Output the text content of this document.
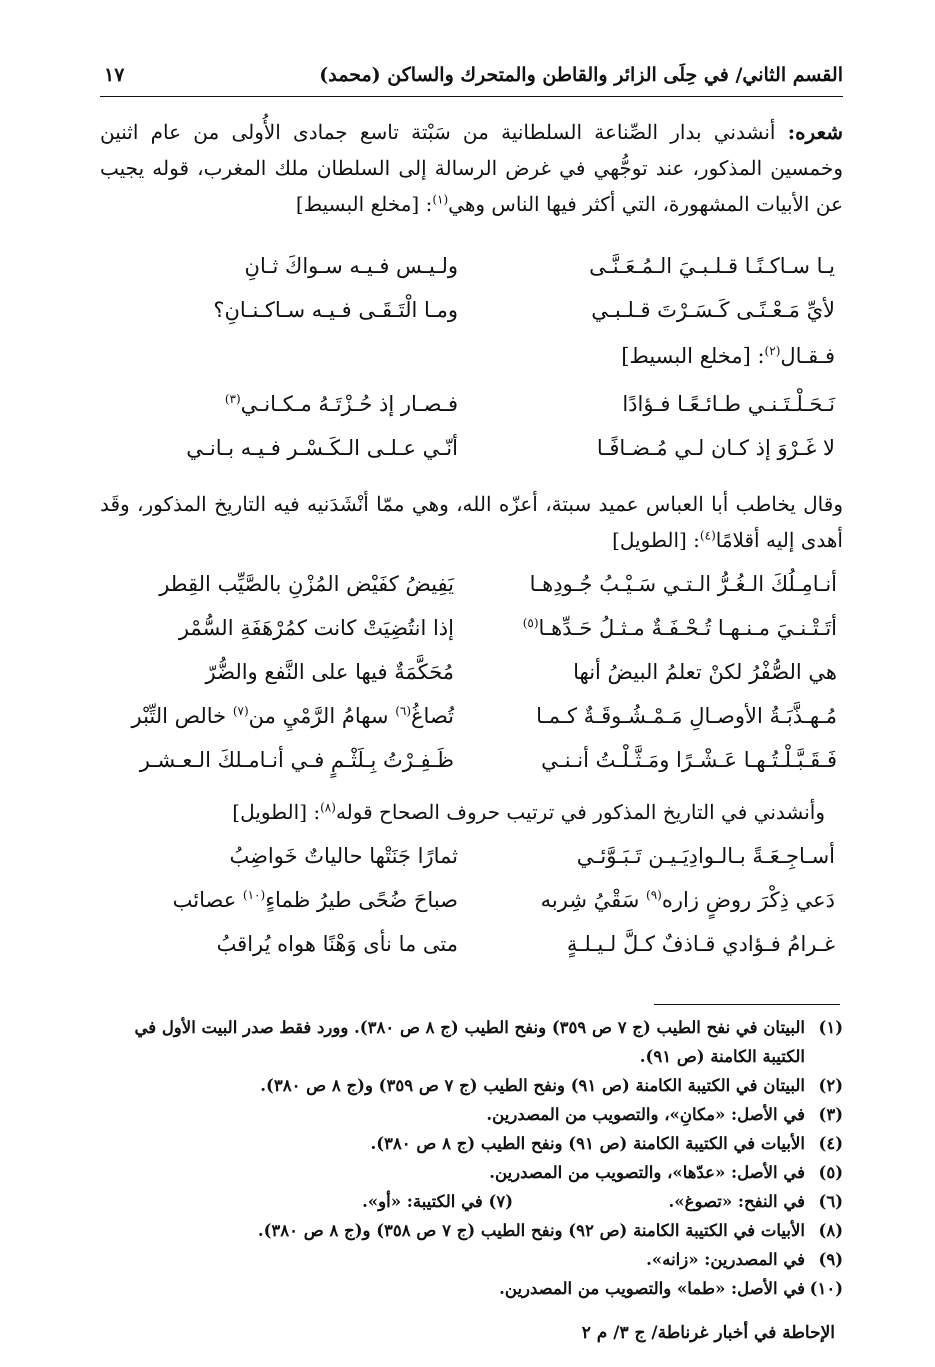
القسم الثاني/ في حِلَى الزائر والقاطن والمتحرك والساكن (محمد)
١٧
شعره: أنشدني بدار الصِّناعة السلطانية من سَبْتة تاسع جمادى الأُولى من عام اثنين وخمسين المذكور، عند توجُّهي في غرض الرسالة إلى السلطان ملك المغرب، قوله يجيب عن الأبيات المشهورة، التي أكثر فيها الناس وهي$^{(١)}$: [مخلع البسيط]
يـا سـاكـنًـا قـلـبـيَ الـمُـعَـنَّـى
ولـيـس فـيـه سـواكَ ثـانِ
لأيِّ مَـعْـنًـى كَـسَـرْتَ قـلـبـي
ومـا الْتَـقَـى فـيـه سـاكـنـانِ؟
فـقـال$^{(٢)}$: [مخلع البسيط]
نَـحَـلْـتَـنـي طـائـعًـا فـؤادًا
فـصـار إذ حُـزْتَـهُ مـكـانـي$^{(٣)}$
لا غَـرْوَ إذ كـان لـي مُـضـافًـا
أنّـي عـلـى الـكَـسْـر فـيـه بـانـي
وقال يخاطب أبا العباس عميد سبتة، أعزّه الله، وهي ممّا أنْشَدَنيه فيه التاريخ المذكور، وقَد أهدى إليه أقلامًا$^{(٤)}$: [الطويل]
أنـامِـلُكَ الـغُـرُّ الـتـي سَـيْـبُ جُـودِهـا
يَفِيضُ كفَيْض المُزْنِ بالصَّيِّب القِطر
أتَـتْـنـيَ مـنـهـا تُـحْـفَـةٌ مـثـلُ حَـدِّهـا$^{(٥)}$
إذا انتُضِيَتْ كانت كمُرْهَفَةِ السُّمْر
هي الصُّفْرُ لكنْ تعلمُ البيضُ أنها
مُحَكَّمَةٌ فيها على النَّفع والضُّرّ
مُـهـذَّبَـةُ الأوصـالِ مَـمْـشُـوقَـةٌ كـمـا
تُصاغُ$^{(٦)}$ سهامُ الرَّمْيِ من$^{(٧)}$ خالص التِّبْر
فَـقَـبَّـلْـتُـهـا عَـشْـرًا ومَـثَّـلْـتُ أنـنـي
ظَـفِـرْتُ بِـلَثْـمٍ فـي أنـامـلكَ الـعـشـر
وأنشدني في التاريخ المذكور في ترتيب حروف الصحاح قوله$^{(٨)}$: [الطويل]
أسـاجِـعَـةً بـالـوادِيَـيـن تَـبَـوَّئـي
ثمارًا جَنَتْها حالياتٌ خَواضِبُ
دَعي ذِكْرَ روضٍ زاره$^{(٩)}$ سَقْيُ شِربه
صباحَ ضُحًى طيرُ ظماءٍ$^{(١٠)}$ عصائب
غـرامُ فـؤادي قـاذفٌ كـلَّ لـيـلـةٍ
متى ما نأى وَهْنًا هواه يُراقبُ
(١)
البيتان في نفح الطيب (ج ٧ ص ٣٥٩) ونفح الطيب (ج ٨ ص ٣٨٠). وورد فقط صدر البيت الأول في الكتيبة الكامنة (ص ٩١).
(٢)
البيتان في الكتيبة الكامنة (ص ٩١) ونفح الطيب (ج ٧ ص ٣٥٩) و(ج ٨ ص ٣٨٠).
(٣)
في الأصل: «مكانِ»، والتصويب من المصدرين.
(٤)
الأبيات في الكتيبة الكامنة (ص ٩١) ونفح الطيب (ج ٨ ص ٣٨٠).
(٥)
في الأصل: «عدّها»، والتصويب من المصدرين.
(٦)
في النفح: «تصوغ».
(٧) في الكتيبة: «أو».
(٨)
الأبيات في الكتيبة الكامنة (ص ٩٢) ونفح الطيب (ج ٧ ص ٣٥٨) و(ج ٨ ص ٣٨٠).
(٩)
في المصدرين: «زانه».
(١٠)
في الأصل: «طما» والتصويب من المصدرين.
الإحاطة في أخبار غرناطة/ ج ٣/ م ٢
